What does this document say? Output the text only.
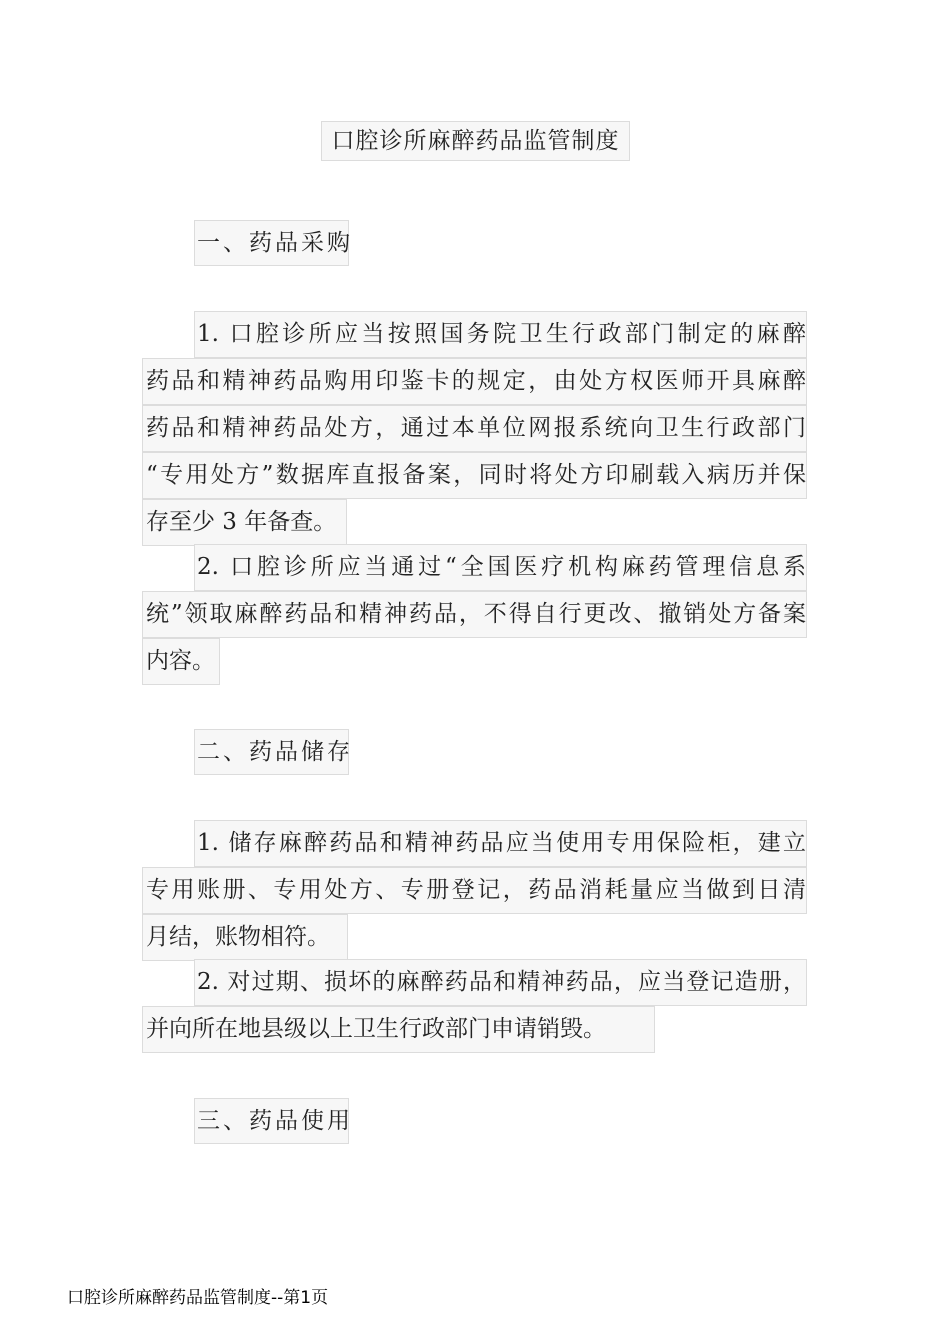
口腔诊所麻醉药品监管制度
一、药品采购
1. 口腔诊所应当按照国务院卫生行政部门制定的麻醉
药品和精神药品购用印鉴卡的规定，由处方权医师开具麻醉
药品和精神药品处方，通过本单位网报系统向卫生行政部门
“专用处方”数据库直报备案，同时将处方印刷载入病历并保
存至少 3 年备查。
2. 口腔诊所应当通过“全国医疗机构麻药管理信息系
统”领取麻醉药品和精神药品，不得自行更改、撤销处方备案
内容。
二、药品储存
1. 储存麻醉药品和精神药品应当使用专用保险柜，建立
专用账册、专用处方、专册登记，药品消耗量应当做到日清
月结，账物相符。
2. 对过期、损坏的麻醉药品和精神药品，应当登记造册，
并向所在地县级以上卫生行政部门申请销毁。
三、药品使用
口腔诊所麻醉药品监管制度--第1页
